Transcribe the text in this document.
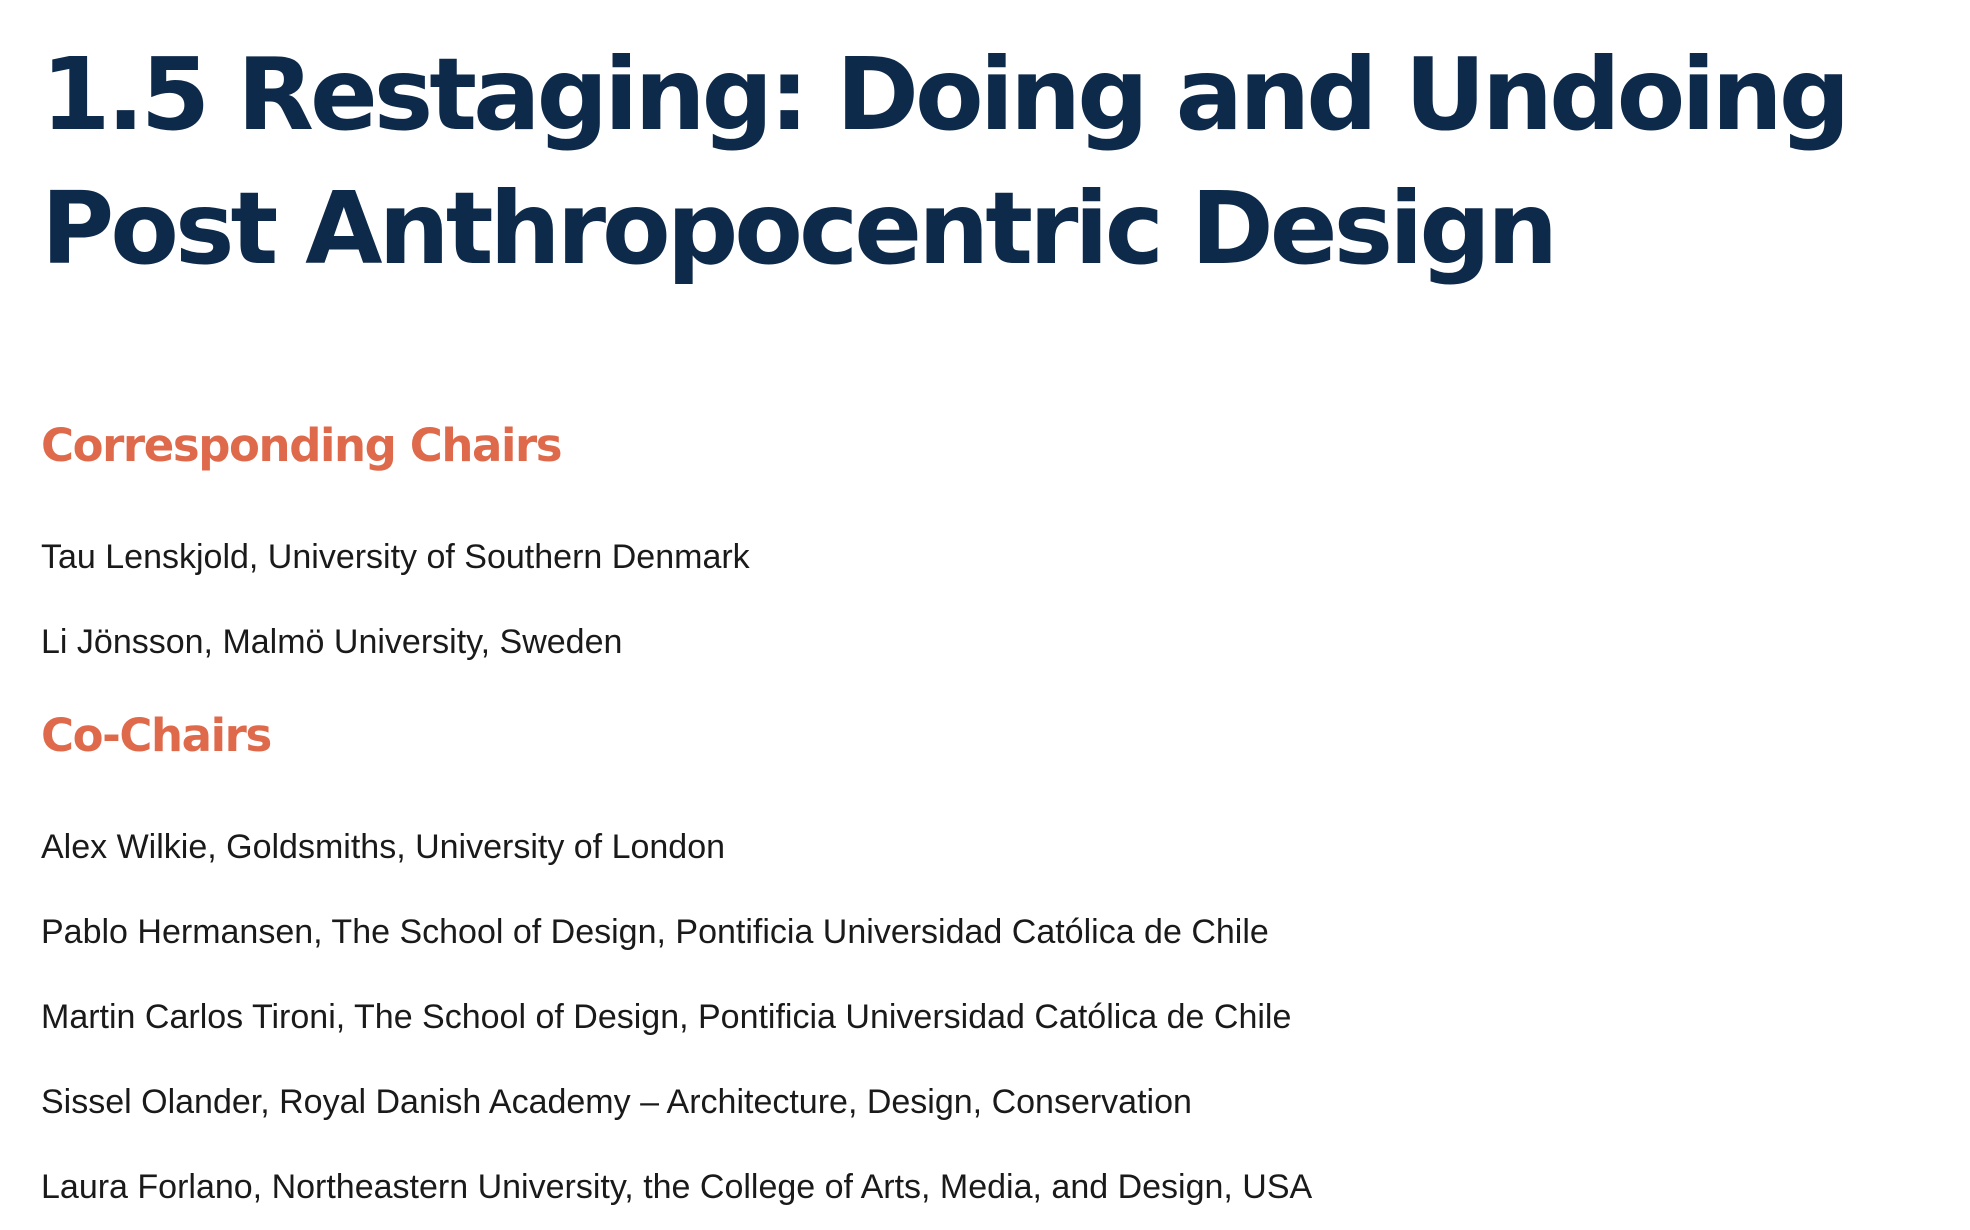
1.5 Restaging: Doing and Undoing Post Anthropocentric Design
Corresponding Chairs
Tau Lenskjold, University of Southern Denmark
Li Jönsson, Malmö University, Sweden
Co-Chairs
Alex Wilkie, Goldsmiths, University of London
Pablo Hermansen, The School of Design, Pontificia Universidad Católica de Chile
Martin Carlos Tironi, The School of Design, Pontificia Universidad Católica de Chile
Sissel Olander, Royal Danish Academy – Architecture, Design, Conservation
Laura Forlano, Northeastern University, the College of Arts, Media, and Design, USA
